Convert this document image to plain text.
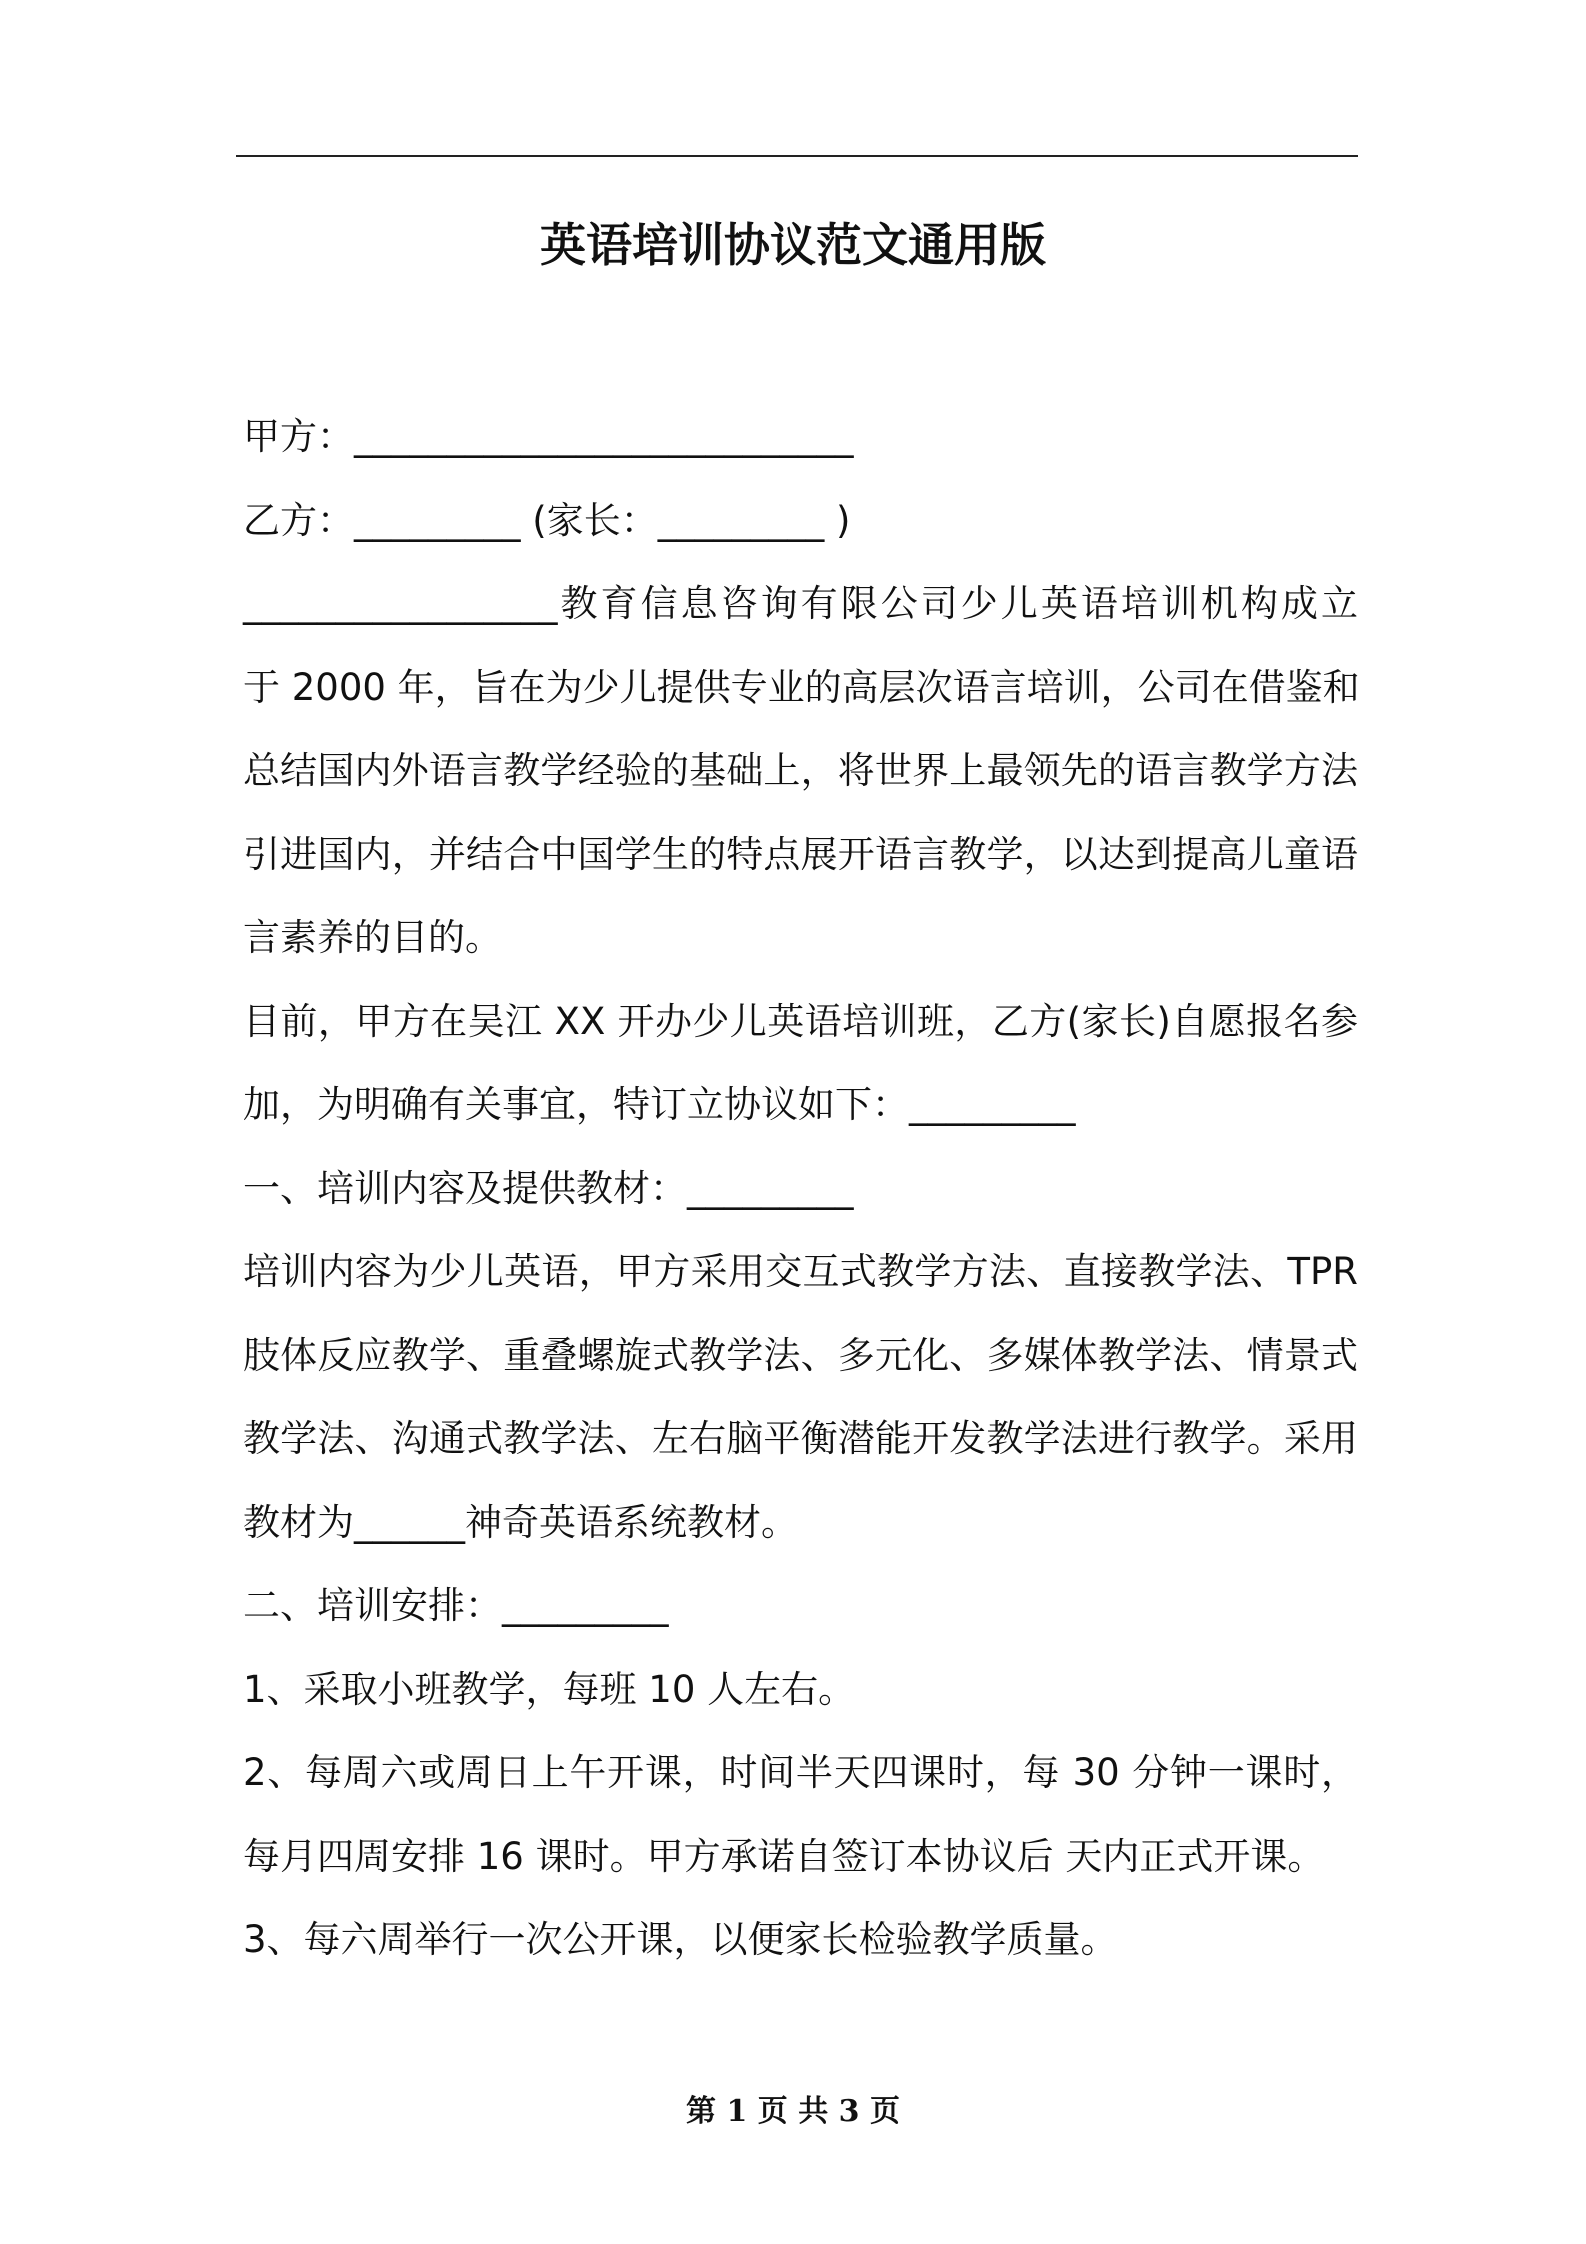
英语培训协议范文通用版
甲方：___________________________
乙方：_________ (家长：_________ )
_________________教育信息咨询有限公司少儿英语培训机构成立
于 2000 年，旨在为少儿提供专业的高层次语言培训，公司在借鉴和
总结国内外语言教学经验的基础上，将世界上最领先的语言教学方法
引进国内，并结合中国学生的特点展开语言教学，以达到提高儿童语
言素养的目的。
目前，甲方在吴江 XX 开办少儿英语培训班，乙方(家长)自愿报名参
加，为明确有关事宜，特订立协议如下：_________
一、培训内容及提供教材：_________
培训内容为少儿英语，甲方采用交互式教学方法、直接教学法、TPR
肢体反应教学、重叠螺旋式教学法、多元化、多媒体教学法、情景式
教学法、沟通式教学法、左右脑平衡潜能开发教学法进行教学。采用
教材为______神奇英语系统教材。
二、培训安排：_________
1、采取小班教学，每班 10 人左右。
2、每周六或周日上午开课，时间半天四课时，每 30 分钟一课时，
每月四周安排 16 课时。甲方承诺自签订本协议后 天内正式开课。
3、每六周举行一次公开课，以便家长检验教学质量。
第 1 页 共 3 页
